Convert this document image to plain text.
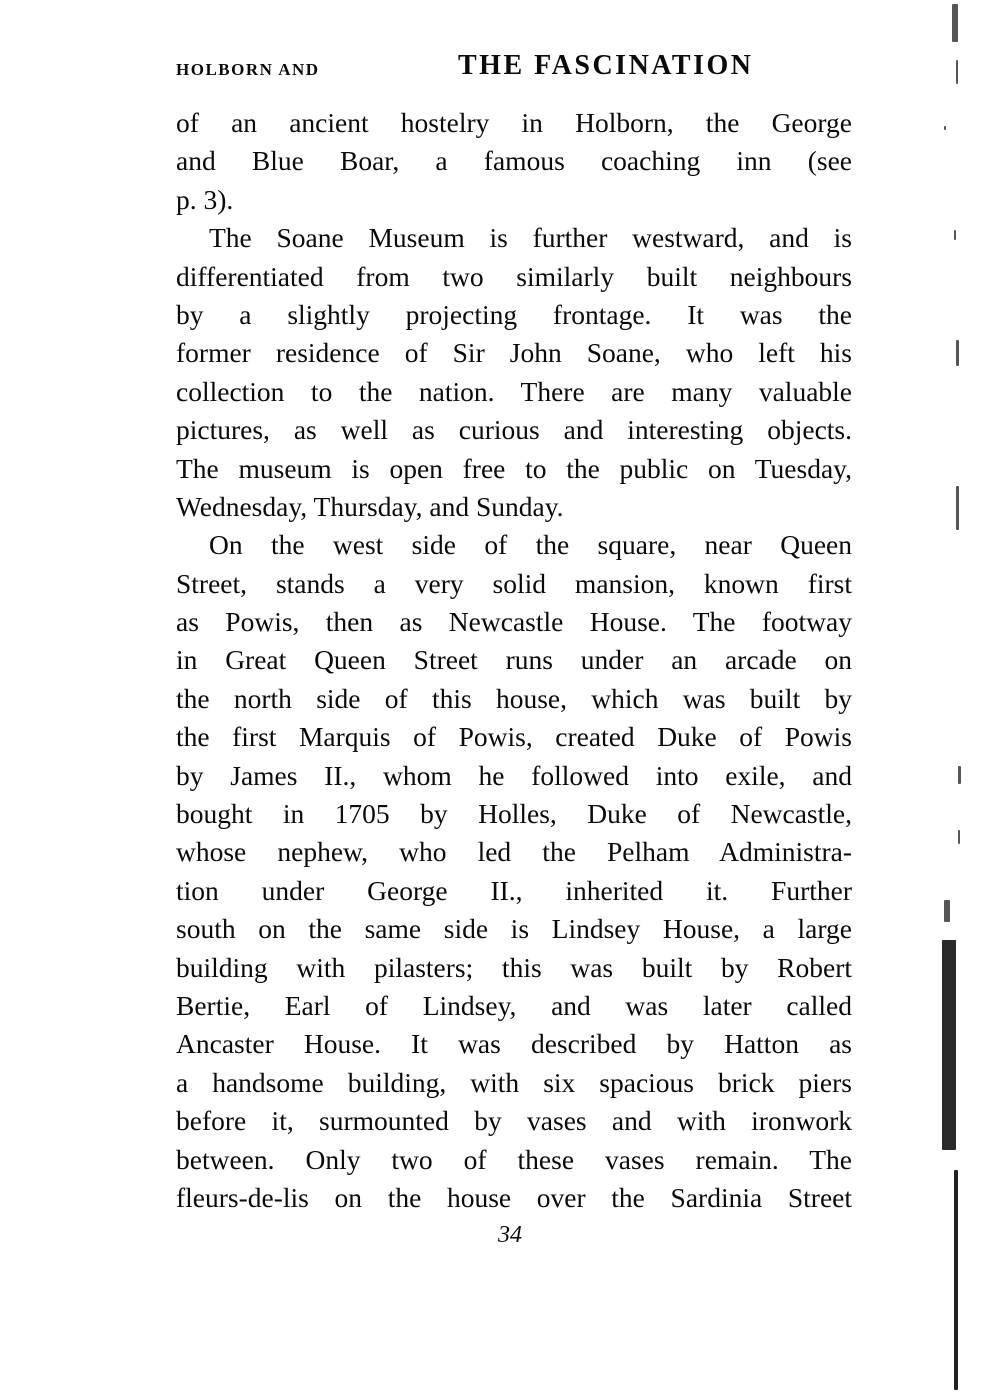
HOLBORN AND	THE FASCINATION
of an ancient hostelry in Holborn, the George
and Blue Boar, a famous coaching inn (see
p. 3).
The Soane Museum is further westward, and is
differentiated from two similarly built neighbours
by a slightly projecting frontage. It was the
former residence of Sir John Soane, who left his
collection to the nation. There are many valuable
pictures, as well as curious and interesting objects.
The museum is open free to the public on Tuesday,
Wednesday, Thursday, and Sunday.
On the west side of the square, near Queen
Street, stands a very solid mansion, known first
as Powis, then as Newcastle House. The footway
in Great Queen Street runs under an arcade on
the north side of this house, which was built by
the first Marquis of Powis, created Duke of Powis
by James II., whom he followed into exile, and
bought in 1705 by Holles, Duke of Newcastle,
whose nephew, who led the Pelham Administra-
tion under George II., inherited it. Further
south on the same side is Lindsey House, a large
building with pilasters; this was built by Robert
Bertie, Earl of Lindsey, and was later called
Ancaster House. It was described by Hatton as
a handsome building, with six spacious brick piers
before it, surmounted by vases and with ironwork
between. Only two of these vases remain. The
fleurs-de-lis on the house over the Sardinia Street
34
